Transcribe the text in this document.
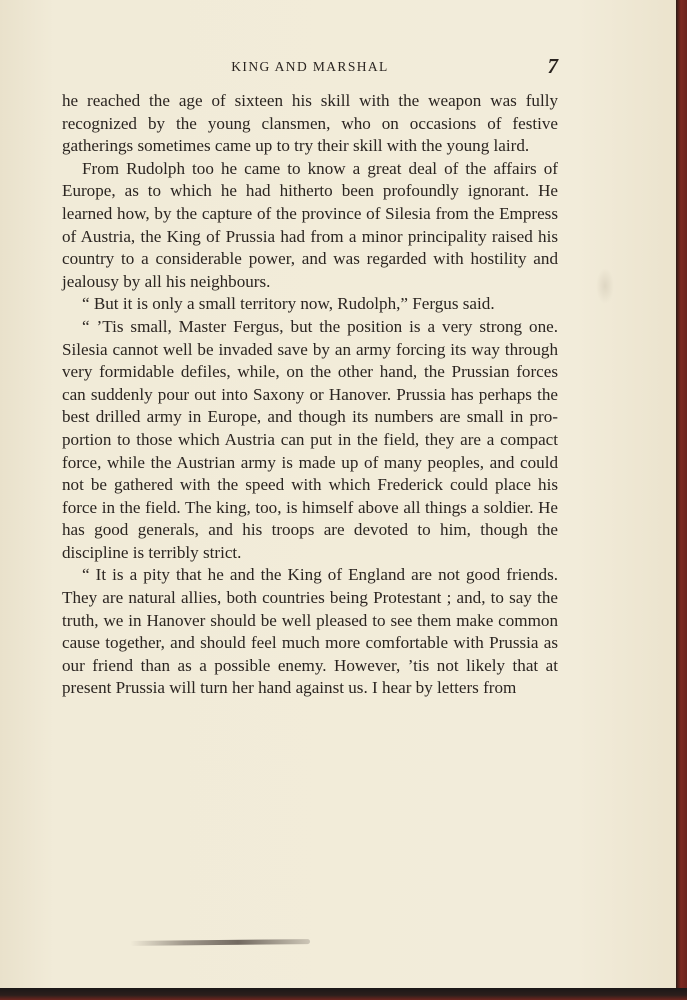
KING AND MARSHAL	7

he reached the age of sixteen his skill with the weapon was fully recognized by the young clansmen, who on occasions of festive gatherings sometimes came up to try their skill with the young laird.

From Rudolph too he came to know a great deal of the affairs of Europe, as to which he had hitherto been profoundly ignorant. He learned how, by the capture of the province of Silesia from the Empress of Austria, the King of Prussia had from a minor principality raised his country to a considerable power, and was regarded with hostility and jealousy by all his neighbours.

“ But it is only a small territory now, Rudolph,” Fergus said.

“ ’Tis small, Master Fergus, but the position is a very strong one. Silesia cannot well be invaded save by an army forcing its way through very formidable defiles, while, on the other hand, the Prussian forces can suddenly pour out into Saxony or Hanover. Prussia has perhaps the best drilled army in Europe, and though its numbers are small in proportion to those which Austria can put in the field, they are a compact force, while the Austrian army is made up of many peoples, and could not be gathered with the speed with which Frederick could place his force in the field. The king, too, is himself above all things a soldier. He has good generals, and his troops are devoted to him, though the discipline is terribly strict.

“ It is a pity that he and the King of England are not good friends. They are natural allies, both countries being Protestant ; and, to say the truth, we in Hanover should be well pleased to see them make common cause together, and should feel much more comfortable with Prussia as our friend than as a possible enemy. However, ’tis not likely that at present Prussia will turn her hand against us. I hear by letters from
